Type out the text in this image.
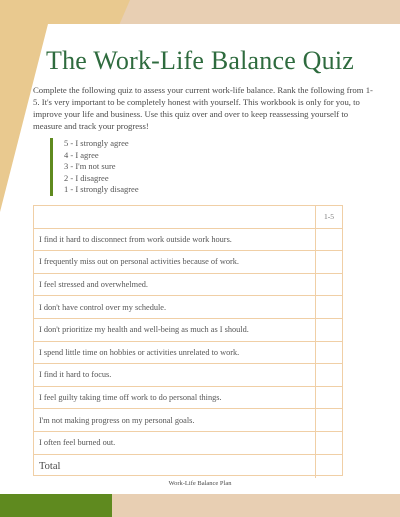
The Work-Life Balance Quiz
Complete the following quiz to assess your current work-life balance. Rank the following from 1-5. It's very important to be completely honest with yourself. This workbook is only for you, to improve your life and business. Use this quiz over and over to keep reassessing yourself to measure and track your progress!
5 - I strongly agree
4 - I agree
3 - I'm not sure
2 - I disagree
1 - I strongly disagree
1-5
I find it hard to disconnect from work outside work hours.
I frequently miss out on personal activities because of work.
I feel stressed and overwhelmed.
I don't have control over my schedule.
I don't prioritize my health and well-being as much as I should.
I spend little time on hobbies or activities unrelated to work.
I find it hard to focus.
I feel guilty taking time off work to do personal things.
I'm not making progress on my personal goals.
I often feel burned out.
Total
Work-Life Balance Plan
